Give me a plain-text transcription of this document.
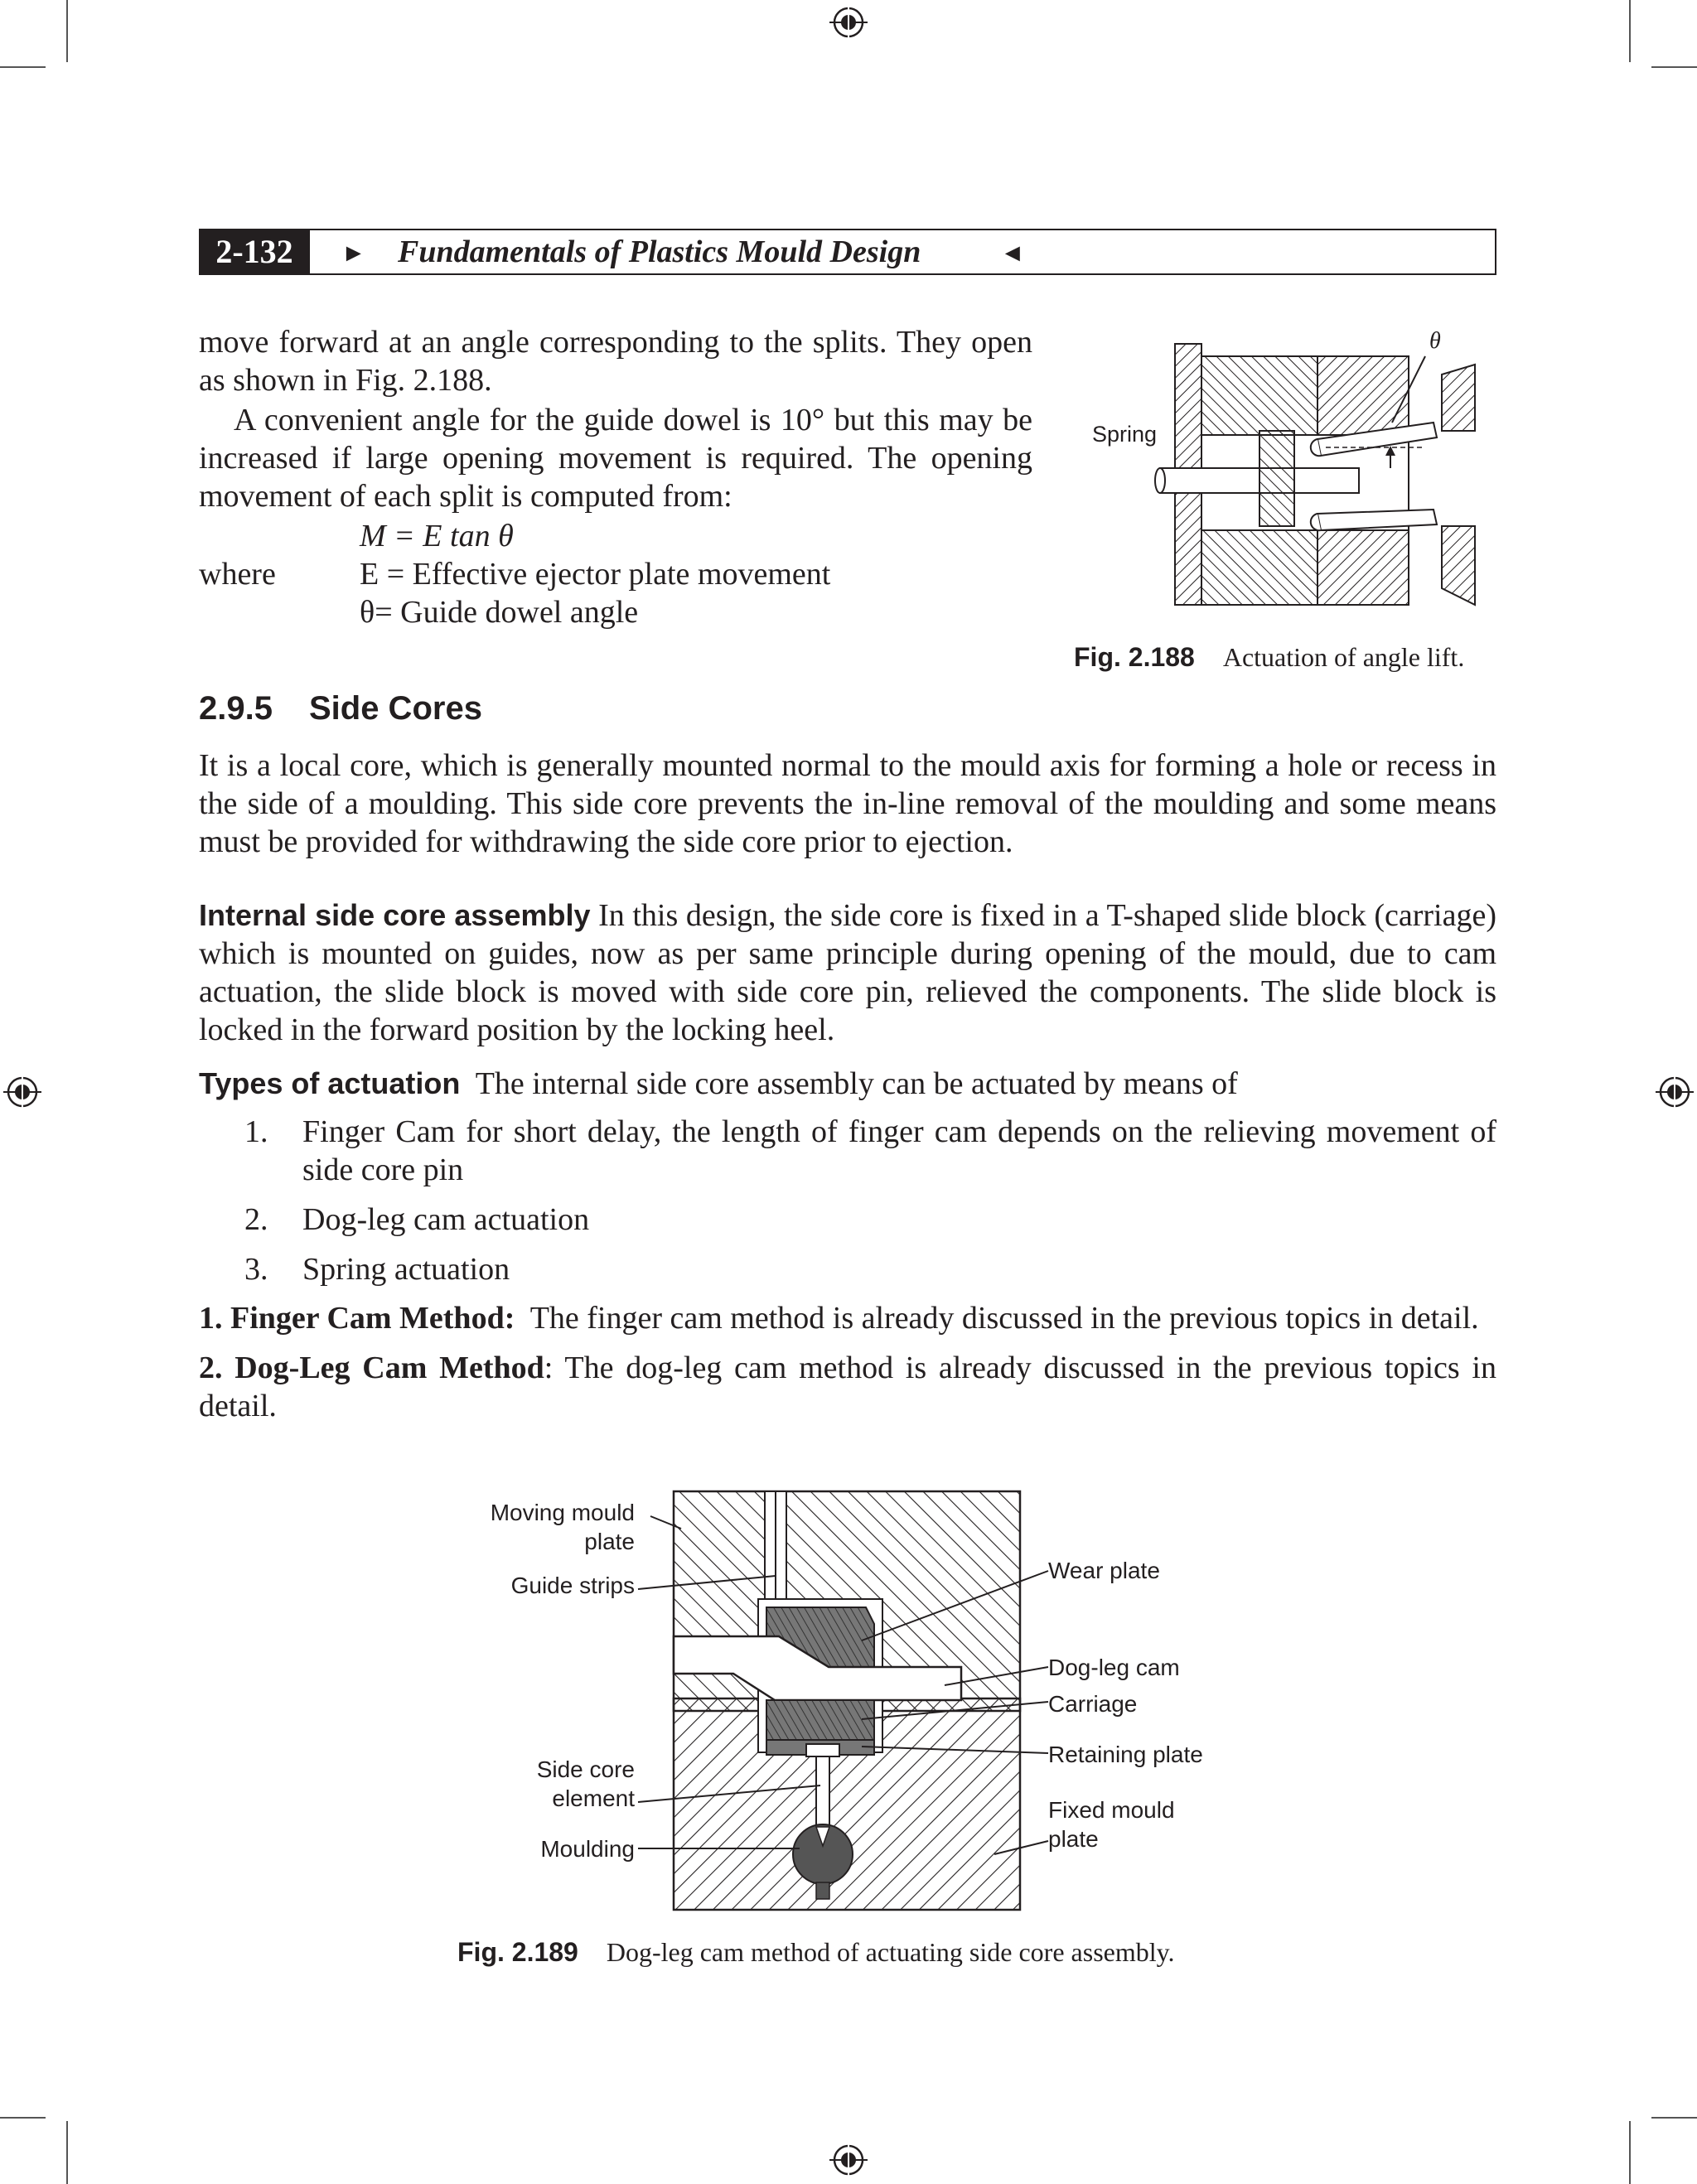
2-132	► Fundamentals of Plastics Mould Design	◄

move forward at an angle corresponding to the splits. They open as shown in Fig. 2.188.

A convenient angle for the guide dowel is 10° but this may be increased if large opening movement is required. The opening movement of each split is computed from:

M = E tan θ
where	E = Effective ejector plate movement
θ= Guide dowel angle
θ
Spring
Fig. 2.188 Actuation of angle lift.
2.9.5 Side Cores

It is a local core, which is generally mounted normal to the mould axis for forming a hole or recess in the side of a moulding. This side core prevents the in-line removal of the moulding and some means must be provided for withdrawing the side core prior to ejection.

Internal side core assembly In this design, the side core is fixed in a T-shaped slide block (carriage) which is mounted on guides, now as per same principle during opening of the mould, due to cam actuation, the slide block is moved with side core pin, relieved the components. The slide block is locked in the forward position by the locking heel.

Types of actuation The internal side core assembly can be actuated by means of

1. Finger Cam for short delay, the length of finger cam depends on the relieving movement of side core pin
2. Dog-leg cam actuation
3. Spring actuation

1. Finger Cam Method: The finger cam method is already discussed in the previous topics in detail.

2. Dog-Leg Cam Method: The dog-leg cam method is already discussed in the previous topics in detail.

Moving mould
plate
Guide strips
Side core
element
Moulding
Wear plate
Dog-leg cam
Carriage
Retaining plate
Fixed mould
plate
Fig. 2.189 Dog-leg cam method of actuating side core assembly.
